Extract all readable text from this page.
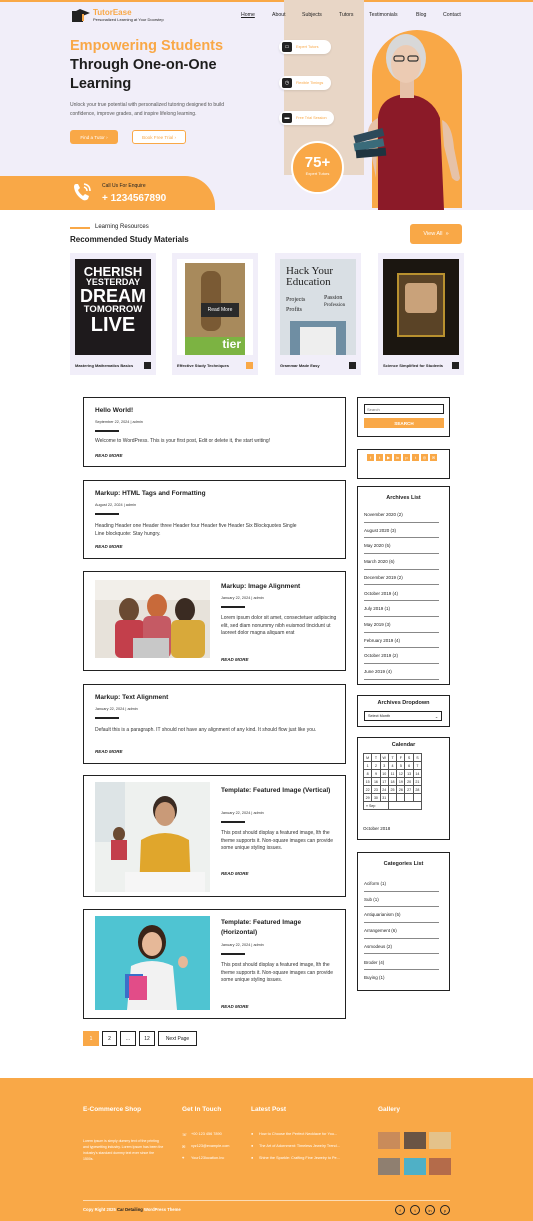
TutorEase
Personalized Learning at Your Doorstep
Home	About	Subjects	Tutors	Testimonials	Blog	Contact
Empowering Students
Through One-on-One Learning
Unlock your true potential with personalized tutoring designed to build confidence, improve grades, and inspire lifelong learning.
Find a Tutor ›	Book Free Trial ›
▭	Expert Tutors
◷	Flexible Timings
▬	Free Trial Session
75+
Expert Tutors
Call Us For Enquire
+ 1234567890
Learning Resources
Recommended Study Materials
View All »
CHERISH
YESTERDAY
DREAM
TOMORROW
LIVE
Mastering Mathematics Basics
tier
Read More
Effective Study Techniques
Hack Your
Education
Projects	Passion
Profits
Profession
Grammar Made Easy	Science Simplified for Students
Hello World!
September 22, 2024 | admin
Welcome to WordPress. This is your first post, Edit or delete it, the start writing!
READ MORE
Markup: HTML Tags and Formatting
August 22, 2024 | admin
Heading Header one Header three Header four Header five Header Six Blockquotes Single Line blockquote: Stay hungry.
READ MORE
Markup: Image Alignment
January 22, 2024 | admin
Lorem ipsum dolor sit amet, consectetuer adipiscing elit, sed diam nonummy nibh euismod tincidunt ut laoreet dolor magna aliquam erat
READ MORE
Markup: Text Alignment
January 22, 2024 | admin
Default this is a paragraph. IT should not have any alignment of any kind. It should flow just like you.
READ MORE
Template: Featured Image (Vertical)
January 22, 2024 | admin
This post should display a featured image, lth the theme supports it. Non-square images can provide some unique styling issues.
READ MORE
Template: Featured Image (Horizontal)
January 22, 2024 | admin
This post should display a featured image, lth the theme supports it. Non-square images can provide some unique styling issues.
READ MORE
Search
SEARCH
f	t	▶	in	p	t	◎	✉
Archives List
November 2020 (2)
August 2020 (3)
May 2020 (5)
March 2020 (6)
December 2019 (2)
October 2019 (4)
July 2019 (1)
May 2019 (3)
February 2019 (4)
October 2019 (2)
June 2019 (4)
Archives Dropdown
Select Month	⌄
Calendar
M	T	W	T	F	S	S
1	2	3	4	5	6	7
8	9	10	11	12	13	14
15	16	17	18	19	20	21
22	23	24	25	26	27	28
29	30	31				
« Sep						
October 2018
Categories List
Aciform (1)
Sub (1)
Antiquarianism (5)
Arrangement (6)
Asmodeus (2)
Broder (4)
Buying (1)
1	2	...	12	Next Page
E-Commerce Shop
Lorem ipsum is simply dummy text of the printing and typesetting industry. Lorem Ipsum has been the industry's standard dummy text ever since the 1500s.
Get In Touch
☏ +00 123 456 7890
✉ xyz123@example.com
⌖ Your123location.Inc
Latest Post
● How to Choose the Perfect Necklace for You...
● The Art of Adornment: Timeless Jewelry Trend...
● Shine the Sparkle: Crafting Fine Jewelry to Pe...
Gallery
Copy Right 2025 Car Detailing WordPress Theme	f	t	in	p
